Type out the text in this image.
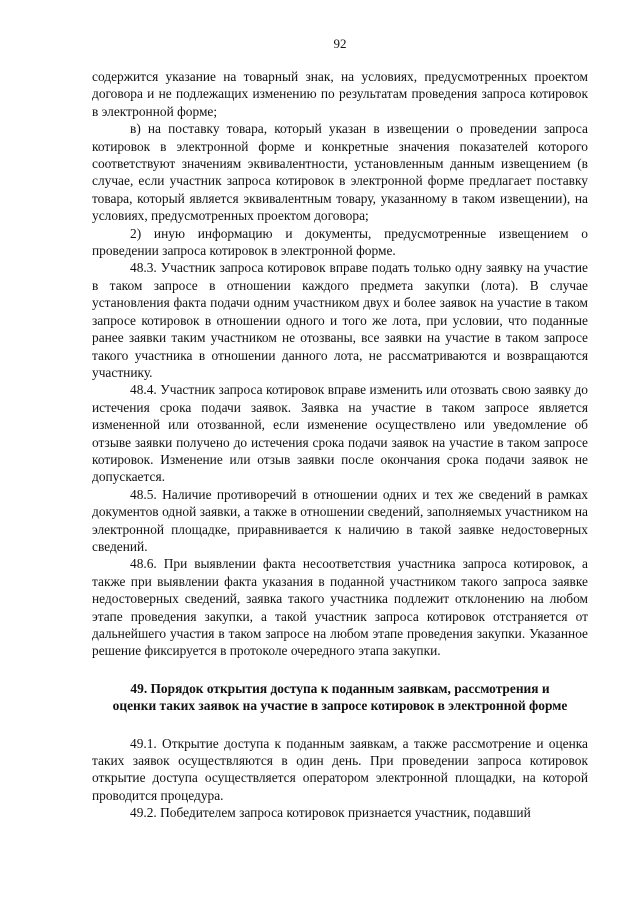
92

содержится указание на товарный знак, на условиях, предусмотренных проектом договора и не подлежащих изменению по результатам проведения запроса котировок в электронной форме;

в) на поставку товара, который указан в извещении о проведении запроса котировок в электронной форме и конкретные значения показателей которого соответствуют значениям эквивалентности, установленным данным извещением (в случае, если участник запроса котировок в электронной форме предлагает поставку товара, который является эквивалентным товару, указанному в таком извещении), на условиях, предусмотренных проектом договора;

2) иную информацию и документы, предусмотренные извещением о проведении запроса котировок в электронной форме.

48.3. Участник запроса котировок вправе подать только одну заявку на участие в таком запросе в отношении каждого предмета закупки (лота). В случае установления факта подачи одним участником двух и более заявок на участие в таком запросе котировок в отношении одного и того же лота, при условии, что поданные ранее заявки таким участником не отозваны, все заявки на участие в таком запросе такого участника в отношении данного лота, не рассматриваются и возвращаются участнику.

48.4. Участник запроса котировок вправе изменить или отозвать свою заявку до истечения срока подачи заявок. Заявка на участие в таком запросе является измененной или отозванной, если изменение осуществлено или уведомление об отзыве заявки получено до истечения срока подачи заявок на участие в таком запросе котировок. Изменение или отзыв заявки после окончания срока подачи заявок не допускается.

48.5. Наличие противоречий в отношении одних и тех же сведений в рамках документов одной заявки, а также в отношении сведений, заполняемых участником на электронной площадке, приравнивается к наличию в такой заявке недостоверных сведений.

48.6. При выявлении факта несоответствия участника запроса котировок, а также при выявлении факта указания в поданной участником такого запроса заявке недостоверных сведений, заявка такого участника подлежит отклонению на любом этапе проведения закупки, а такой участник запроса котировок отстраняется от дальнейшего участия в таком запросе на любом этапе проведения закупки. Указанное решение фиксируется в протоколе очередного этапа закупки.

49. Порядок открытия доступа к поданным заявкам, рассмотрения и
оценки таких заявок на участие в запросе котировок в электронной форме

49.1. Открытие доступа к поданным заявкам, а также рассмотрение и оценка таких заявок осуществляются в один день. При проведении запроса котировок открытие доступа осуществляется оператором электронной площадки, на которой проводится процедура.

49.2. Победителем запроса котировок признается участник, подавший
